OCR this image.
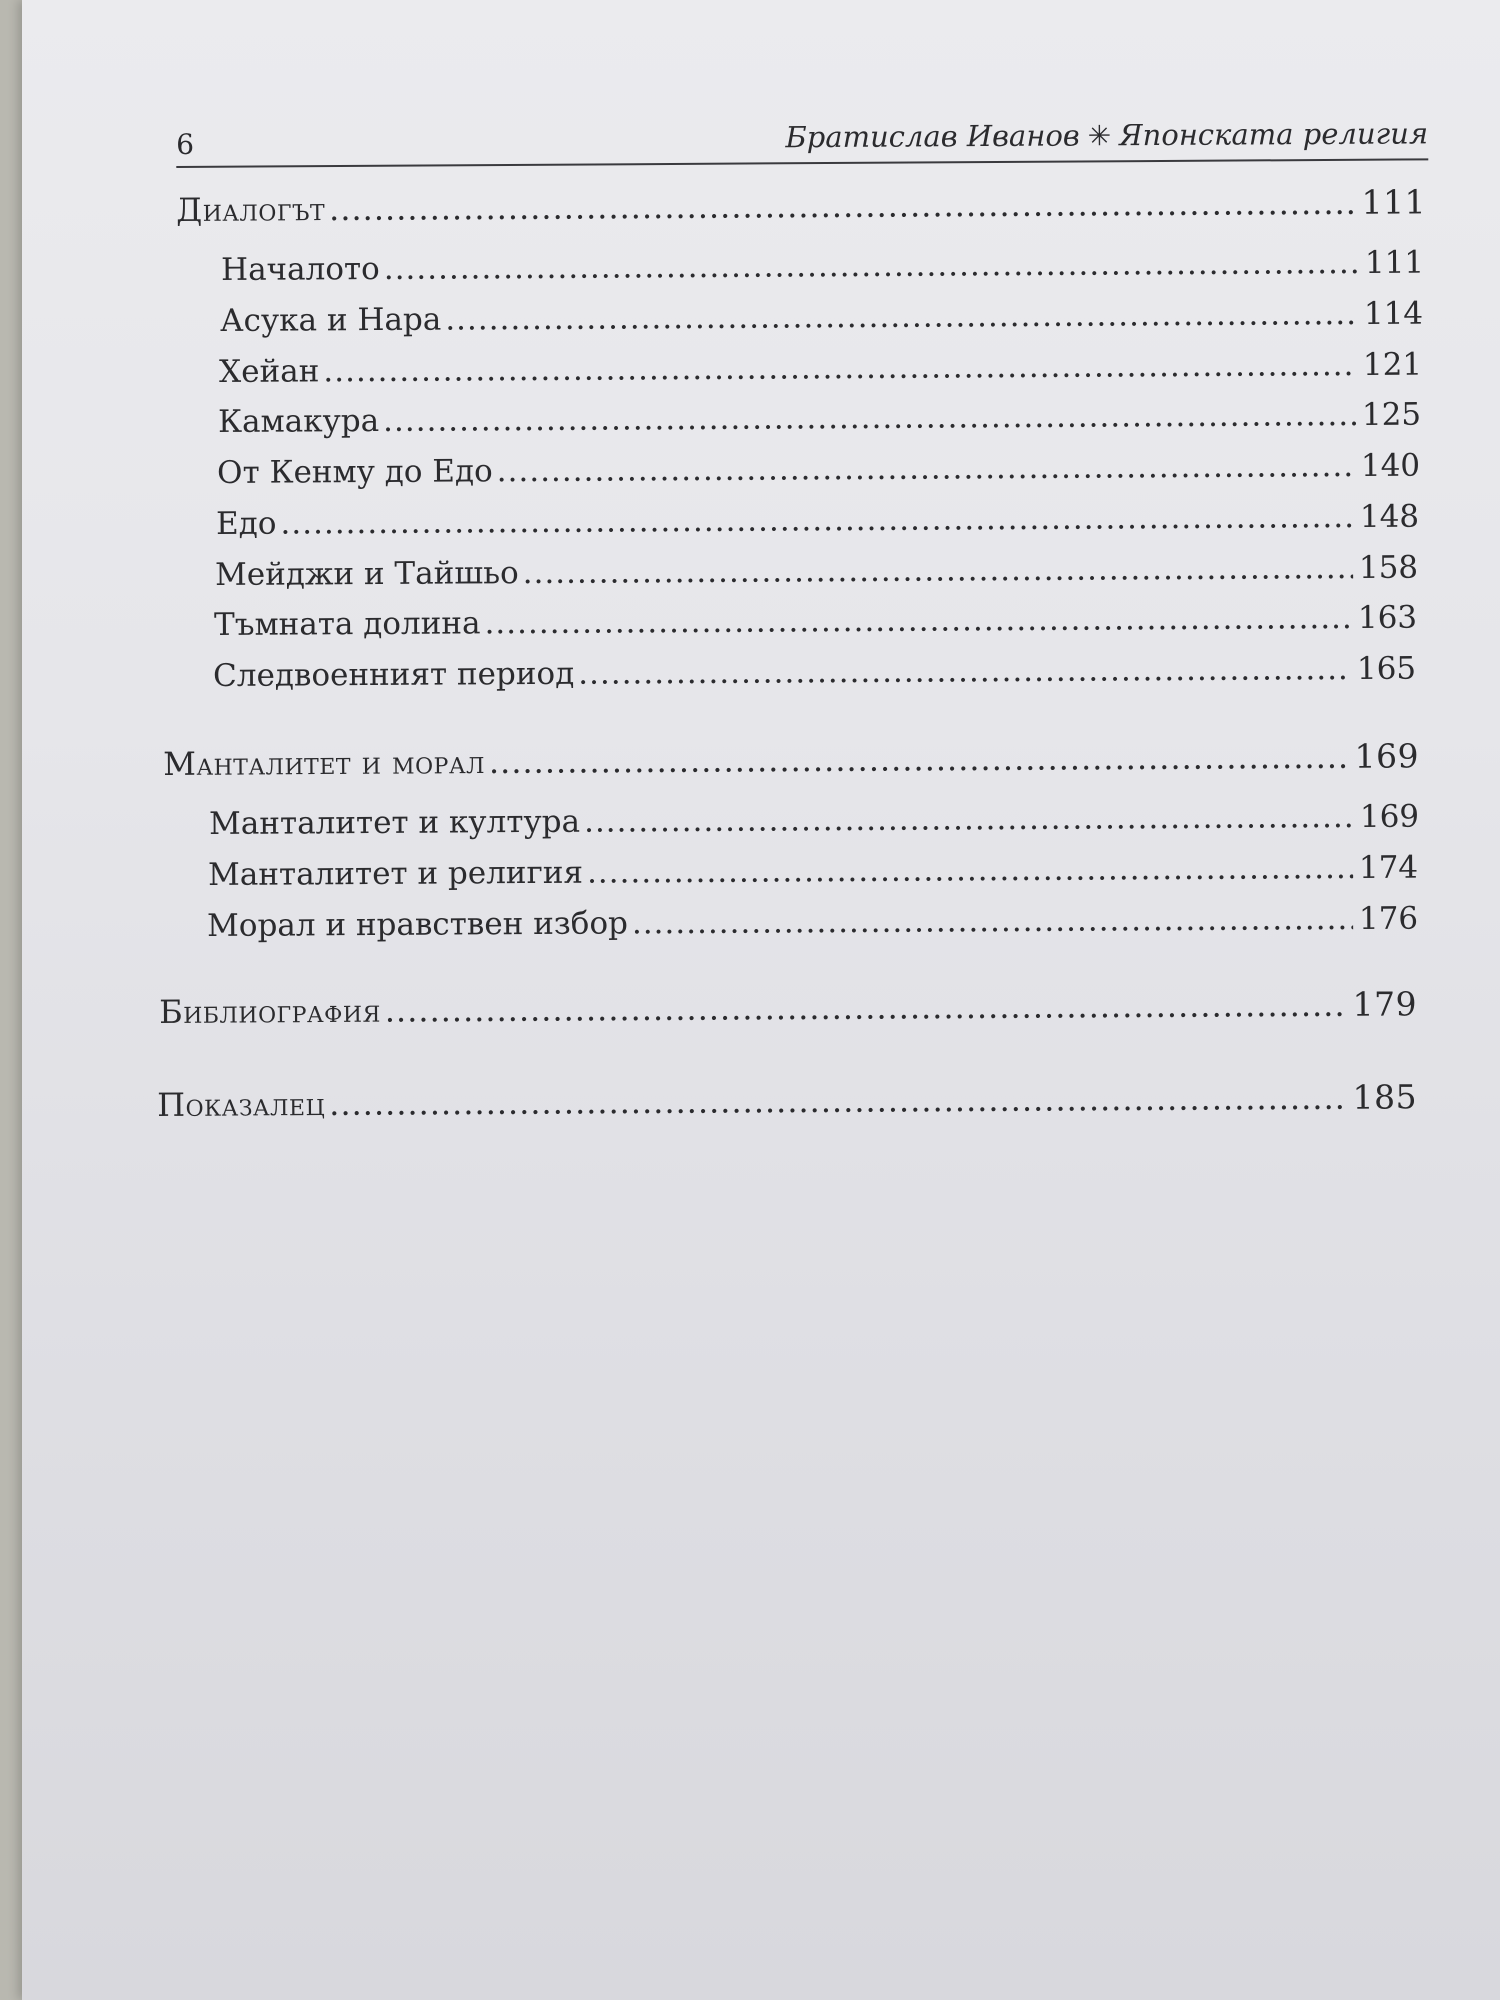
6	Братислав Иванов ✳ Японската религия
Диалогът .....	111
Началото .....	111
Асука и Нара .....	114
Хейан .....	121
Камакура .....	125
От Кенму до Едо .....	140
Едо .....	148
Мейджи и Тайшьо .....	158
Тъмната долина .....	163
Следвоенният период .....	165
Манталитет и морал .....	169
Манталитет и култура .....	169
Манталитет и религия .....	174
Морал и нравствен избор .....	176
Библиография .....	179
Показалец .....	185
